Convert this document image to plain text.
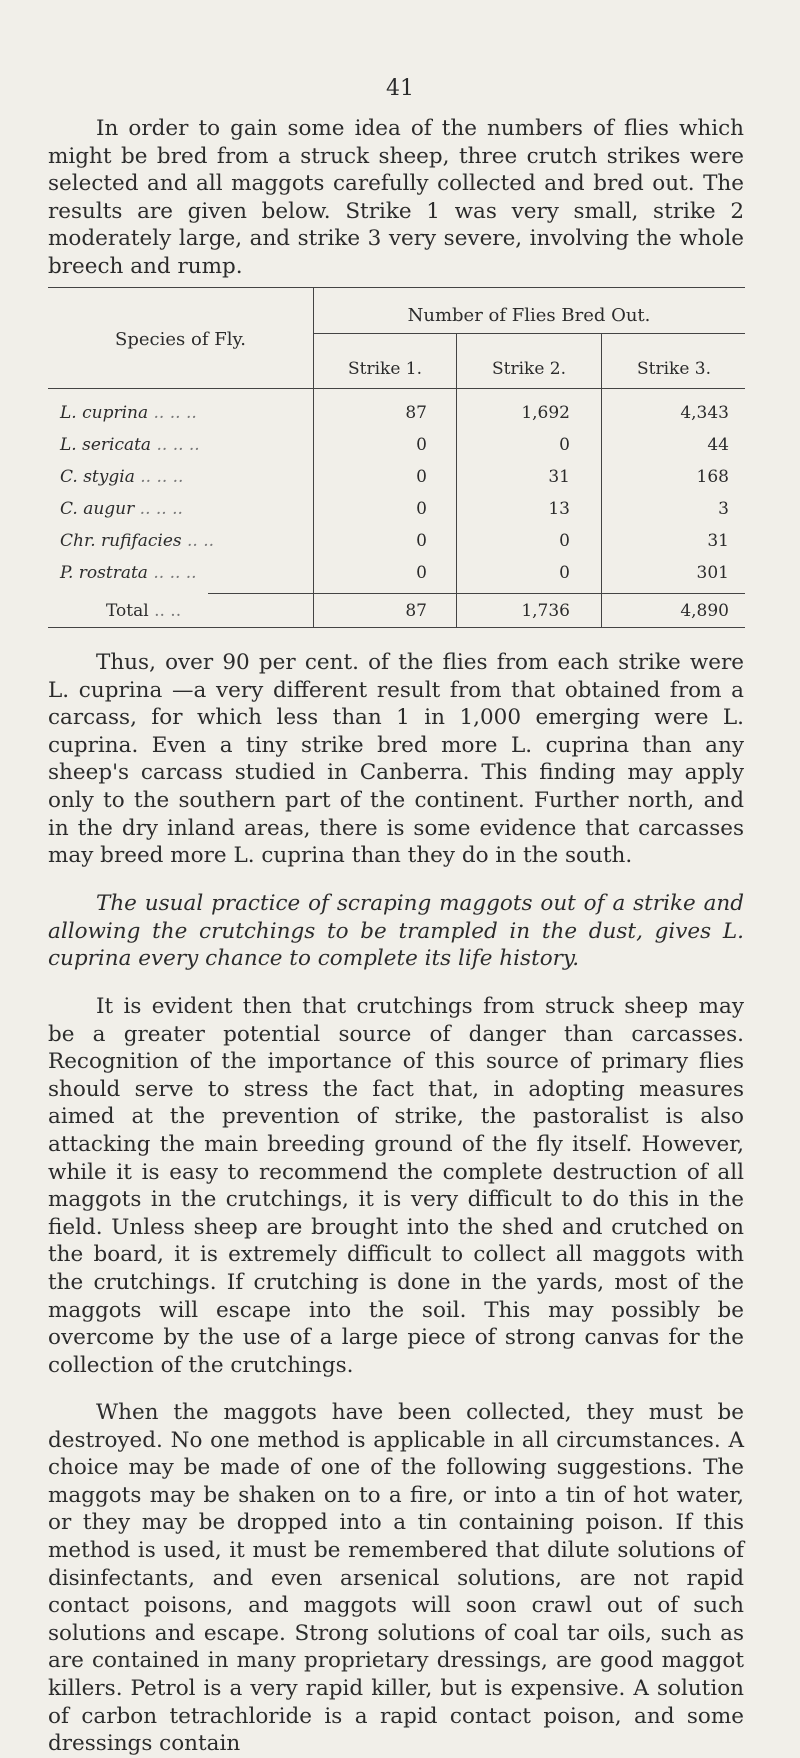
41

In order to gain some idea of the numbers of flies which might be bred from a struck sheep, three crutch strikes were selected and all maggots carefully collected and bred out. The results are given below. Strike 1 was very small, strike 2 moderately large, and strike 3 very severe, involving the whole breech and rump.

Number of Flies Bred Out.
Species of Fly.
Strike 1.	Strike 2.	Strike 3.
L. cuprina .. .. ..	87	1,692	4,343
L. sericata .. .. ..	0	0	44
C. stygia .. .. ..	0	31	168
C. augur .. .. ..	0	13	3
Chr. rufifacies .. ..	0	0	31
P. rostrata .. .. ..	0	0	301
Total .. ..	87	1,736	4,890

Thus, over 90 per cent. of the flies from each strike were L. cuprina —a very different result from that obtained from a carcass, for which less than 1 in 1,000 emerging were L. cuprina. Even a tiny strike bred more L. cuprina than any sheep's carcass studied in Canberra. This finding may apply only to the southern part of the continent. Further north, and in the dry inland areas, there is some evidence that carcasses may breed more L. cuprina than they do in the south.

The usual practice of scraping maggots out of a strike and allowing the crutchings to be trampled in the dust, gives L. cuprina every chance to complete its life history.

It is evident then that crutchings from struck sheep may be a greater potential source of danger than carcasses. Recognition of the importance of this source of primary flies should serve to stress the fact that, in adopting measures aimed at the prevention of strike, the pastoralist is also attacking the main breeding ground of the fly itself. However, while it is easy to recommend the complete destruction of all maggots in the crutchings, it is very difficult to do this in the field. Unless sheep are brought into the shed and crutched on the board, it is extremely difficult to collect all maggots with the crutchings. If crutching is done in the yards, most of the maggots will escape into the soil. This may possibly be overcome by the use of a large piece of strong canvas for the collection of the crutchings.

When the maggots have been collected, they must be destroyed. No one method is applicable in all circumstances. A choice may be made of one of the following suggestions. The maggots may be shaken on to a fire, or into a tin of hot water, or they may be dropped into a tin containing poison. If this method is used, it must be remembered that dilute solutions of disinfectants, and even arsenical solutions, are not rapid contact poisons, and maggots will soon crawl out of such solutions and escape. Strong solutions of coal tar oils, such as are contained in many proprietary dressings, are good maggot killers. Petrol is a very rapid killer, but is expensive. A solution of carbon tetrachloride is a rapid contact poison, and some dressings contain
